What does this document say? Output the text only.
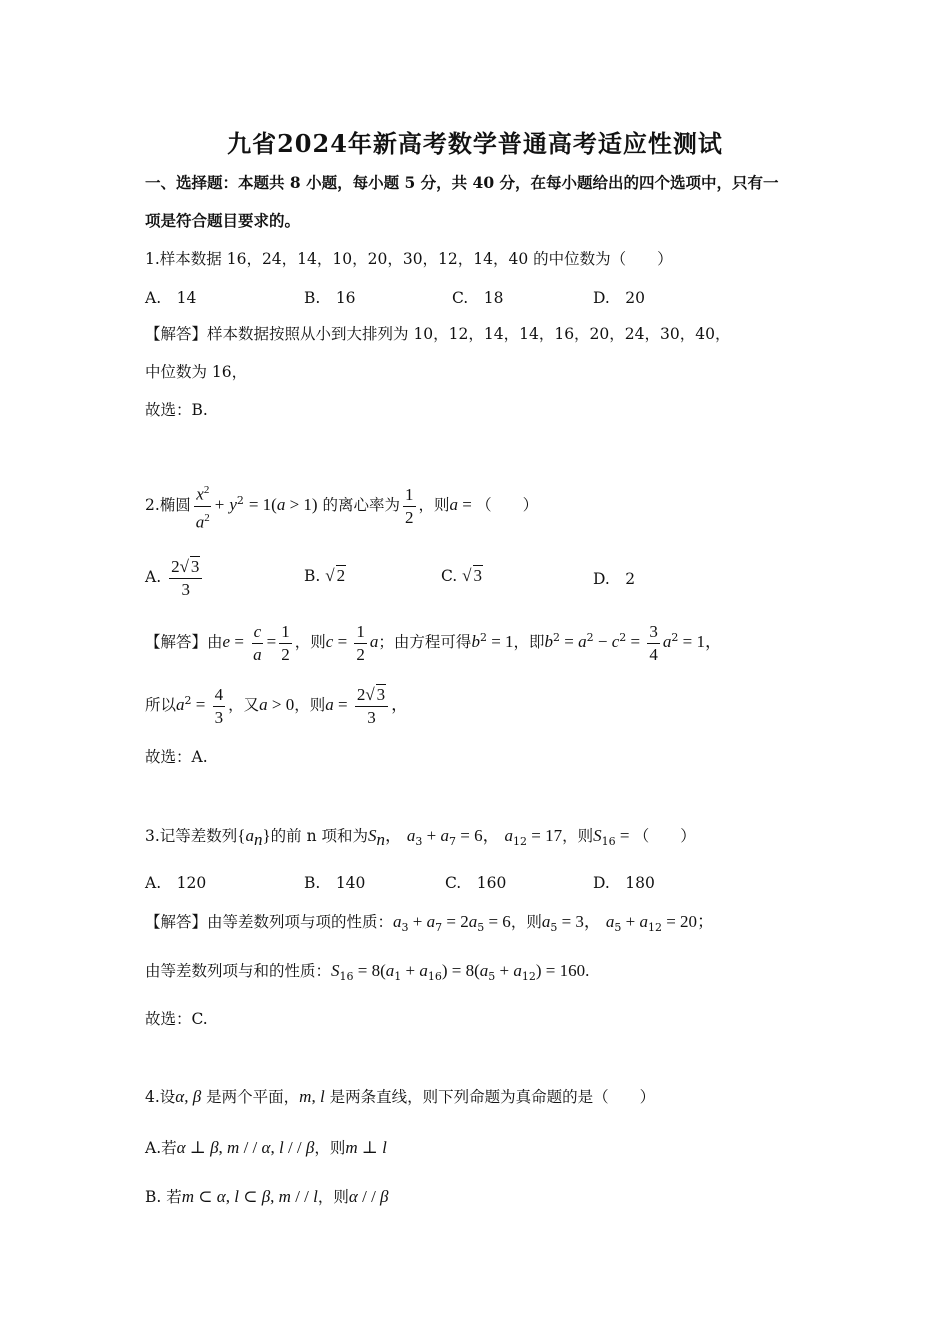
九省2024年新高考数学普通高考适应性测试
一、选择题：本题共 8 小题，每小题 5 分，共 40 分，在每小题给出的四个选项中，只有一
项是符合题目要求的。
1.样本数据 16，24，14，10，20，30，12，14，40 的中位数为（　　）
A.　14	B.　16	C.　18	D.　20
【解答】样本数据按照从小到大排列为 10，12，14，14，16，20，24，30，40，
中位数为 16，
故选：B.
2.椭圆 $\frac{x^2}{a^2} + y^2 = 1(a > 1)$ 的离心率为 $\frac{1}{2}$ ，则a = （　　）
A. $\frac{2√ 3}{3}$	B. √ 2	C. √ 3	D.　2
【解答】由$e = \frac{c}{a} = \frac{1}{2}$ ，则$c = \frac{1}{2}$ a；由方程可得$b^2 = 1$，即$b^2 = a^2 - c^2 = \frac{3}{4} a^2 = 1$，
所以$a^2 = \frac{4}{3}$ ，又a > 0，则$a = \frac{2√ 3}{3}$ ，
故选：A.
3.记等差数列$\{a_n\}$的前 n 项和为$S_n$， $a_3 + a_7 = 6$， $a_{12} = 17$，则$S_{16}$ = （　　）
A.　120	B.　140	C.　160	D.　180
【解答】由等差数列项与项的性质：$a_3 + a_7 = 2a_5 = 6$，则$a_5 = 3$， $a_5 + a_{12} = 20$；
由等差数列项与和的性质：$S_{16} = 8(a_1 + a_{16}) = 8(a_5 + a_{12}) = 160$.
故选：C.
4.设α, β 是两个平面，m, l 是两条直线，则下列命题为真命题的是（　　）
A.若α ⊥ β, m / / α, l / / β，则m ⊥ l
B. 若m ⊂ α, l ⊂ β, m / / l，则α / / β
